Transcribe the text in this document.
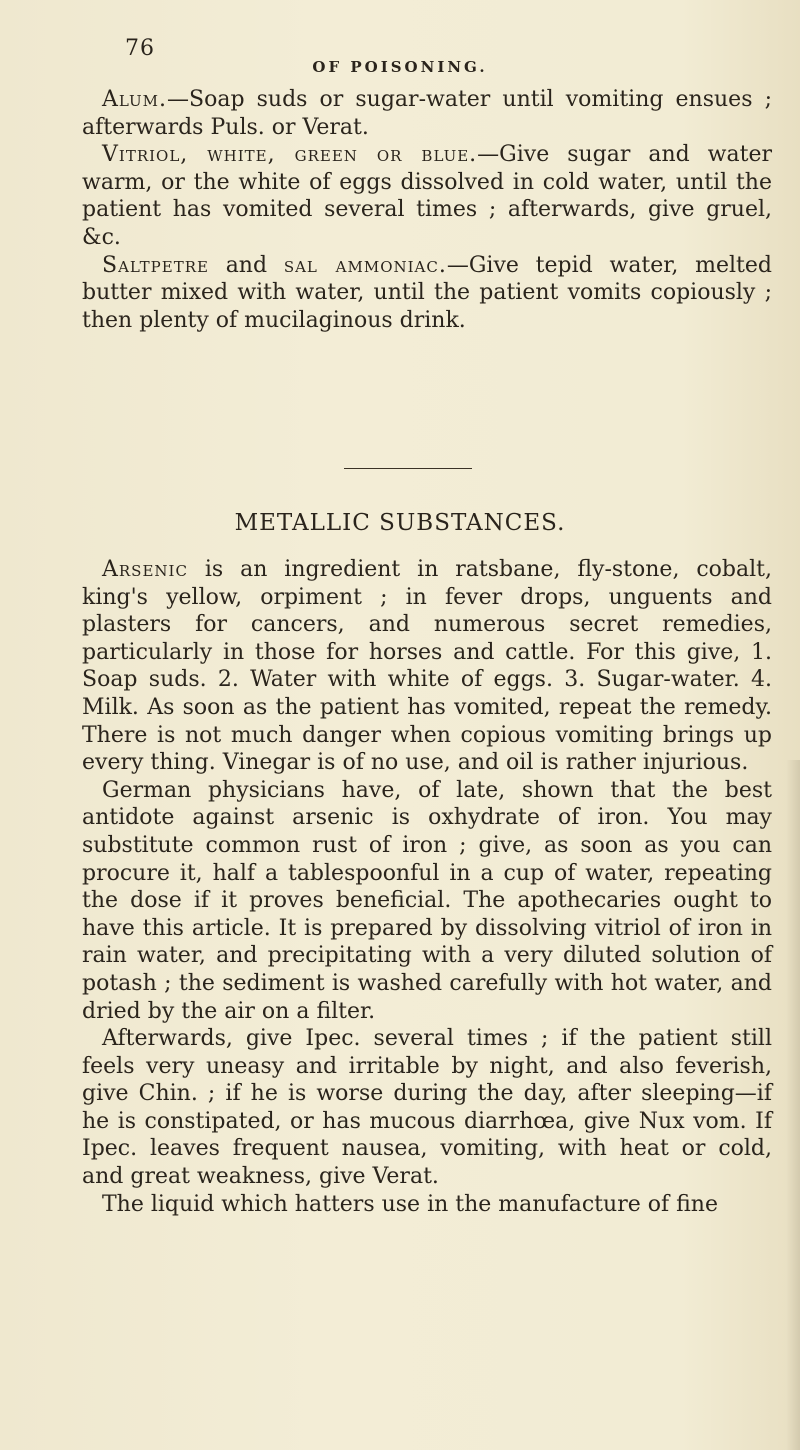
76
OF POISONING.

Alum.—Soap suds or sugar-water until vomiting ensues ; afterwards Puls. or Verat.

Vitriol, white, green or blue.—Give sugar and water warm, or the white of eggs dissolved in cold water, until the patient has vomited several times ; afterwards, give gruel, &c.

Saltpetre and sal ammoniac.—Give tepid water, melted butter mixed with water, until the patient vomits copiously ; then plenty of mucilaginous drink.

METALLIC SUBSTANCES.

Arsenic is an ingredient in ratsbane, fly-stone, cobalt, king's yellow, orpiment ; in fever drops, unguents and plasters for cancers, and numerous secret remedies, particularly in those for horses and cattle. For this give, 1. Soap suds. 2. Water with white of eggs. 3. Sugar-water. 4. Milk. As soon as the patient has vomited, repeat the remedy. There is not much danger when copious vomiting brings up every thing. Vinegar is of no use, and oil is rather injurious.

German physicians have, of late, shown that the best antidote against arsenic is oxhydrate of iron. You may substitute common rust of iron ; give, as soon as you can procure it, half a tablespoonful in a cup of water, repeating the dose if it proves beneficial. The apothecaries ought to have this article. It is prepared by dissolving vitriol of iron in rain water, and precipitating with a very diluted solution of potash ; the sediment is washed carefully with hot water, and dried by the air on a filter.

Afterwards, give Ipec. several times ; if the patient still feels very uneasy and irritable by night, and also feverish, give Chin. ; if he is worse during the day, after sleeping—if he is constipated, or has mucous diarrhœa, give Nux vom. If Ipec. leaves frequent nausea, vomiting, with heat or cold, and great weakness, give Verat.

The liquid which hatters use in the manufacture of fine
